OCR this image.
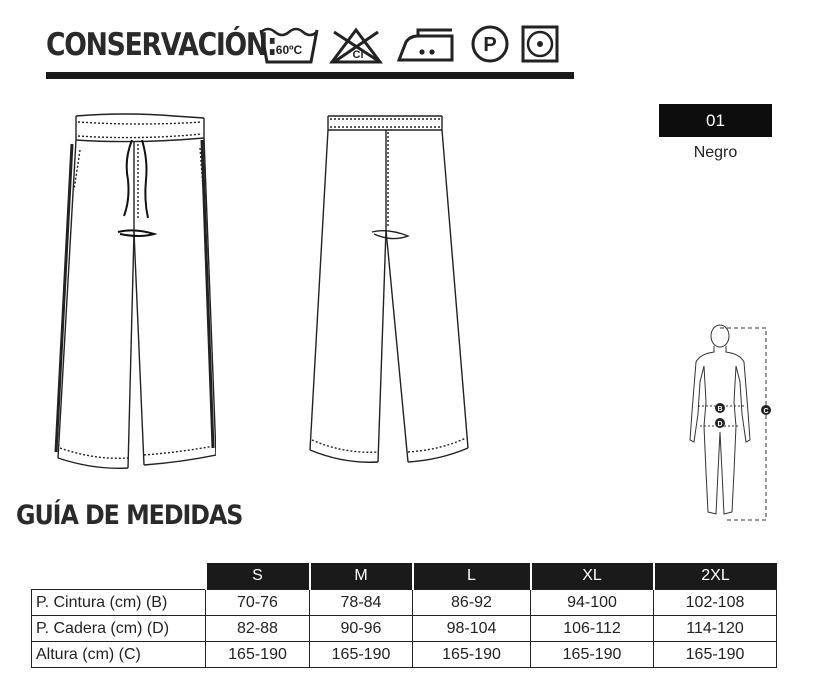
CONSERVACIÓN: 60ºC	Cl	P
01
Negro
B
D
C
GUÍA DE MEDIDAS
	S	M	L	XL	2XL
P. Cintura (cm) (B)	70-76	78-84	86-92	94-100	102-108
P. Cadera (cm) (D)	82-88	90-96	98-104	106-112	114-120
Altura (cm) (C)	165-190	165-190	165-190	165-190	165-190
